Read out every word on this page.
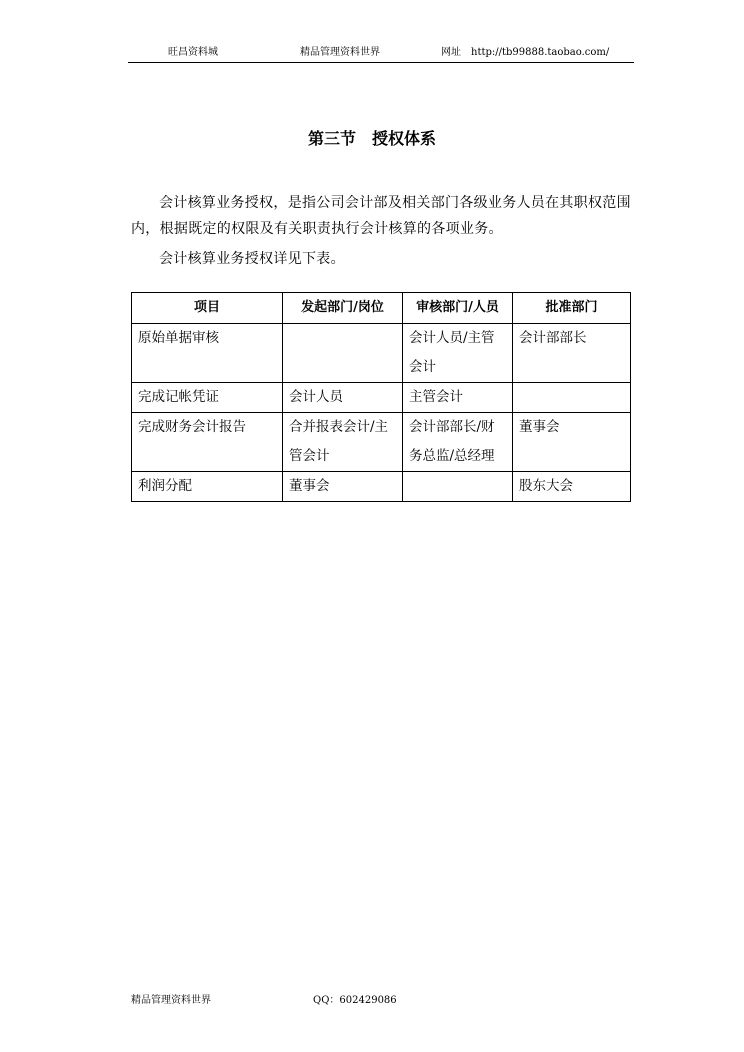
旺昌资料城	精品管理资料世界	网址 http://tb99888.taobao.com/
第三节　授权体系
会计核算业务授权，是指公司会计部及相关部门各级业务人员在其职权范围内，根据既定的权限及有关职责执行会计核算的各项业务。
会计核算业务授权详见下表。
项目	发起部门/岗位	审核部门/人员	批准部门
原始单据审核		会计人员/主管会计	会计部部长
完成记帐凭证	会计人员	主管会计	
完成财务会计报告	合并报表会计/主管会计	会计部部长/财务总监/总经理	董事会
利润分配	董事会		股东大会
精品管理资料世界	QQ：602429086
